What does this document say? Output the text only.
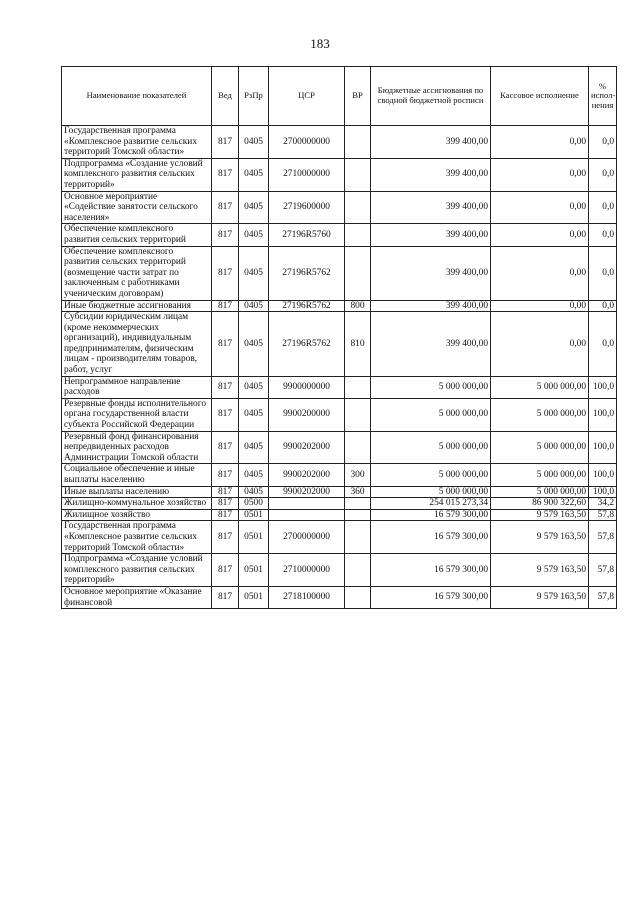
183
Наименование показателей	Вед	РзПр	ЦСР	ВР	Бюджетные ассигнования по сводной бюджетной росписи	Кассовое исполнение	% испол-нения
Государственная программа «Комплексное развитие сельских территорий Томской области»	817	0405	2700000000		399 400,00	0,00	0,0
Подпрограмма «Создание условий комплексного развития сельских территорий»	817	0405	2710000000		399 400,00	0,00	0,0
Основное мероприятие «Содействие занятости сельского населения»	817	0405	2719600000		399 400,00	0,00	0,0
Обеспечение комплексного развития сельских территорий	817	0405	27196R5760		399 400,00	0,00	0,0
Обеспечение комплексного развития сельских территорий (возмещение части затрат по заключенным с работниками ученическим договорам)	817	0405	27196R5762		399 400,00	0,00	0,0
Иные бюджетные ассигнования	817	0405	27196R5762	800	399 400,00	0,00	0,0
Субсидии юридическим лицам (кроме некоммерческих организаций), индивидуальным предпринимателям, физическим лицам - производителям товаров, работ, услуг	817	0405	27196R5762	810	399 400,00	0,00	0,0
Непрограммное направление расходов	817	0405	9900000000		5 000 000,00	5 000 000,00	100,0
Резервные фонды исполнительного органа государственной власти субъекта Российской Федерации	817	0405	9900200000		5 000 000,00	5 000 000,00	100,0
Резервный фонд финансирования непредвиденных расходов Администрации Томской области	817	0405	9900202000		5 000 000,00	5 000 000,00	100,0
Социальное обеспечение и иные выплаты населению	817	0405	9900202000	300	5 000 000,00	5 000 000,00	100,0
Иные выплаты населению	817	0405	9900202000	360	5 000 000,00	5 000 000,00	100,0
Жилищно-коммунальное хозяйство	817	0500			254 015 273,34	86 900 322,60	34,2
Жилищное хозяйство	817	0501			16 579 300,00	9 579 163,50	57,8
Государственная программа «Комплексное развитие сельских территорий Томской области»	817	0501	2700000000		16 579 300,00	9 579 163,50	57,8
Подпрограмма «Создание условий комплексного развития сельских территорий»	817	0501	2710000000		16 579 300,00	9 579 163,50	57,8
Основное мероприятие «Оказание финансовой	817	0501	2718100000		16 579 300,00	9 579 163,50	57,8
